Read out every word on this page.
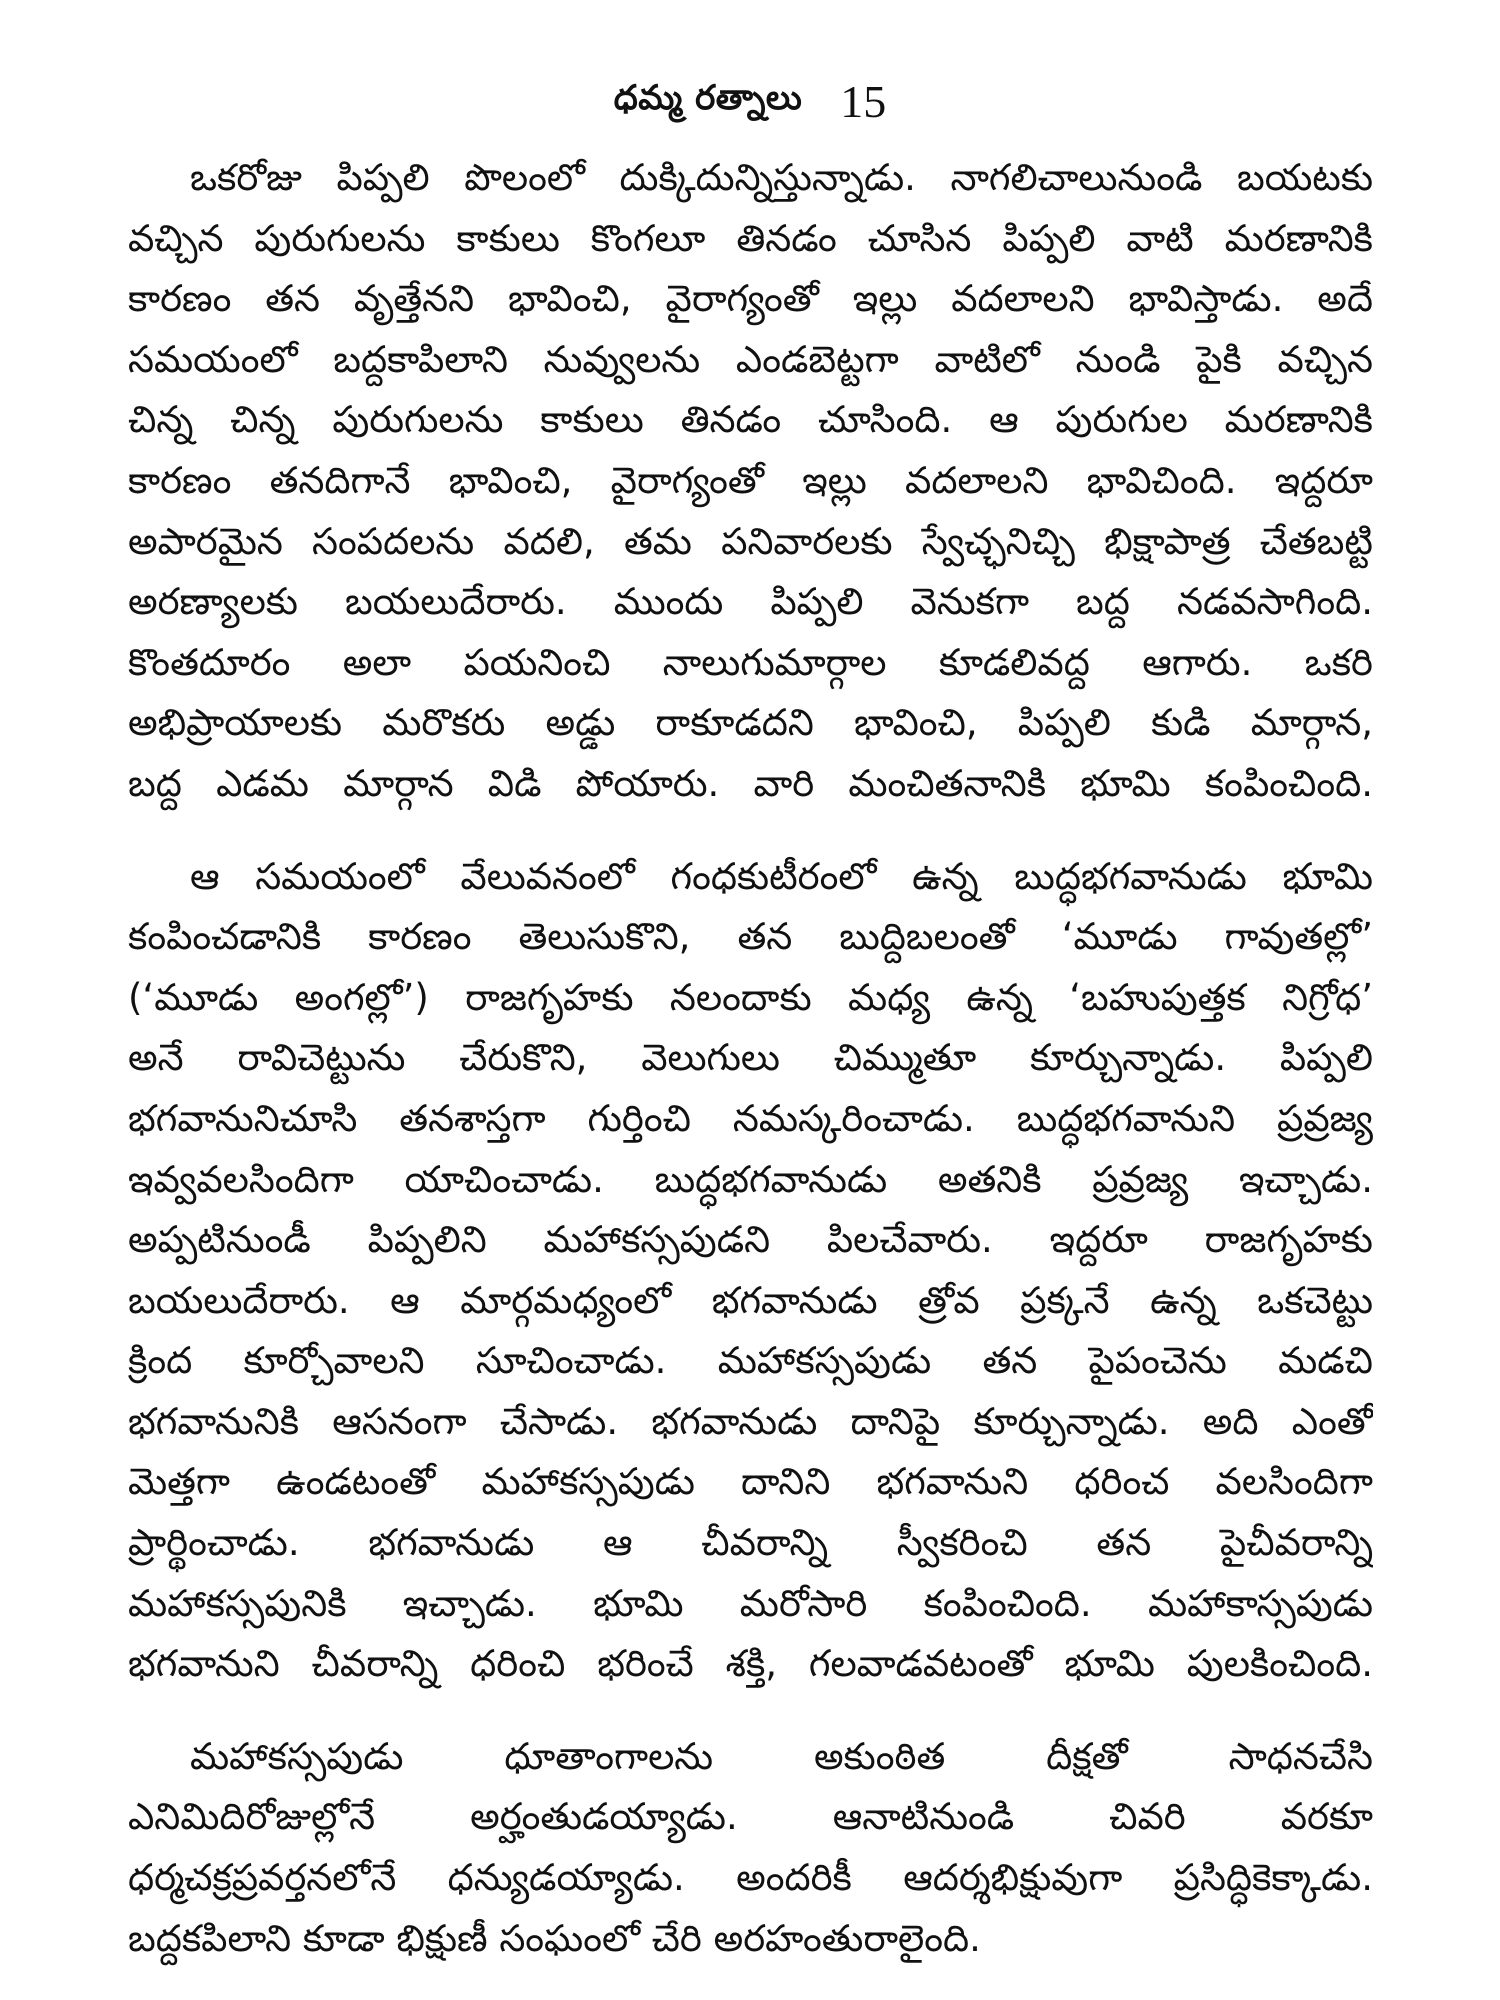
ధమ్మ రత్నాలు 15
ఒకరోజు పిప్పలి పొలంలో దుక్కిదున్నిస్తున్నాడు. నాగలిచాలునుండి బయటకు
వచ్చిన పురుగులను కాకులు కొంగలూ తినడం చూసిన పిప్పలి వాటి మరణానికి
కారణం తన వృత్తేనని భావించి, వైరాగ్యంతో ఇల్లు వదలాలని భావిస్తాడు. అదే
సమయంలో బద్దకాపిలాని నువ్వులను ఎండబెట్టగా వాటిలో నుండి పైకి వచ్చిన
చిన్న చిన్న పురుగులను కాకులు తినడం చూసింది. ఆ పురుగుల మరణానికి
కారణం తనదిగానే భావించి, వైరాగ్యంతో ఇల్లు వదలాలని భావిచింది. ఇద్దరూ
అపారమైన సంపదలను వదలి, తమ పనివారలకు స్వేచ్ఛనిచ్చి భిక్షాపాత్ర చేతబట్టి
అరణ్యాలకు బయలుదేరారు. ముందు పిప్పలి వెనుకగా బద్ద నడవసాగింది.
కొంతదూరం అలా పయనించి నాలుగుమార్గాల కూడలివద్ద ఆగారు. ఒకరి
అభిప్రాయాలకు మరొకరు అడ్డు రాకూడదని భావించి, పిప్పలి కుడి మార్గాన,
బద్ద ఎడమ మార్గాన విడి పోయారు. వారి మంచితనానికి భూమి కంపించింది.
ఆ సమయంలో వేలువనంలో గంధకుటీరంలో ఉన్న బుద్ధభగవానుడు భూమి
కంపించడానికి కారణం తెలుసుకొని, తన బుద్దిబలంతో ‘మూడు గావుతల్లో’
(‘మూడు అంగల్లో’) రాజగృహకు నలందాకు మధ్య ఉన్న ‘బహుపుత్తక నిగ్రోధ’
అనే రావిచెట్టును చేరుకొని, వెలుగులు చిమ్ముతూ కూర్చున్నాడు. పిప్పలి
భగవానునిచూసి తనశాస్తగా గుర్తించి నమస్కరించాడు. బుద్ధభగవానుని ప్రవ్రజ్య
ఇవ్వవలసిందిగా యాచించాడు. బుద్ధభగవానుడు అతనికి ప్రవ్రజ్య ఇచ్చాడు.
అప్పటినుండీ పిప్పలిని మహాకస్సపుడని పిలచేవారు. ఇద్దరూ రాజగృహకు
బయలుదేరారు. ఆ మార్గమధ్యంలో భగవానుడు త్రోవ ప్రక్కనే ఉన్న ఒకచెట్టు
క్రింద కూర్చోవాలని సూచించాడు. మహాకస్సపుడు తన పైపంచెను మడచి
భగవానునికి ఆసనంగా చేసాడు. భగవానుడు దానిపై కూర్చున్నాడు. అది ఎంతో
మెత్తగా ఉండటంతో మహాకస్సపుడు దానిని భగవానుని ధరించ వలసిందిగా
ప్రార్థించాడు. భగవానుడు ఆ చీవరాన్ని స్వీకరించి తన పైచీవరాన్ని
మహాకస్సపునికి ఇచ్చాడు. భూమి మరోసారి కంపించింది. మహాకాస్సపుడు
భగవానుని చీవరాన్ని ధరించి భరించే శక్తి, గలవాడవటంతో భూమి పులకించింది.
మహాకస్సపుడు ధూతాంగాలను అకుంఠిత దీక్షతో సాధనచేసి
ఎనిమిదిరోజుల్లోనే అర్హంతుడయ్యాడు. ఆనాటినుండి చివరి వరకూ
ధర్మచక్రప్రవర్తనలోనే ధన్యుడయ్యాడు. అందరికీ ఆదర్శభిక్షువుగా ప్రసిద్ధికెక్కాడు.
బద్దకపిలాని కూడా భిక్షుణీ సంఘంలో చేరి అరహంతురాలైంది.
